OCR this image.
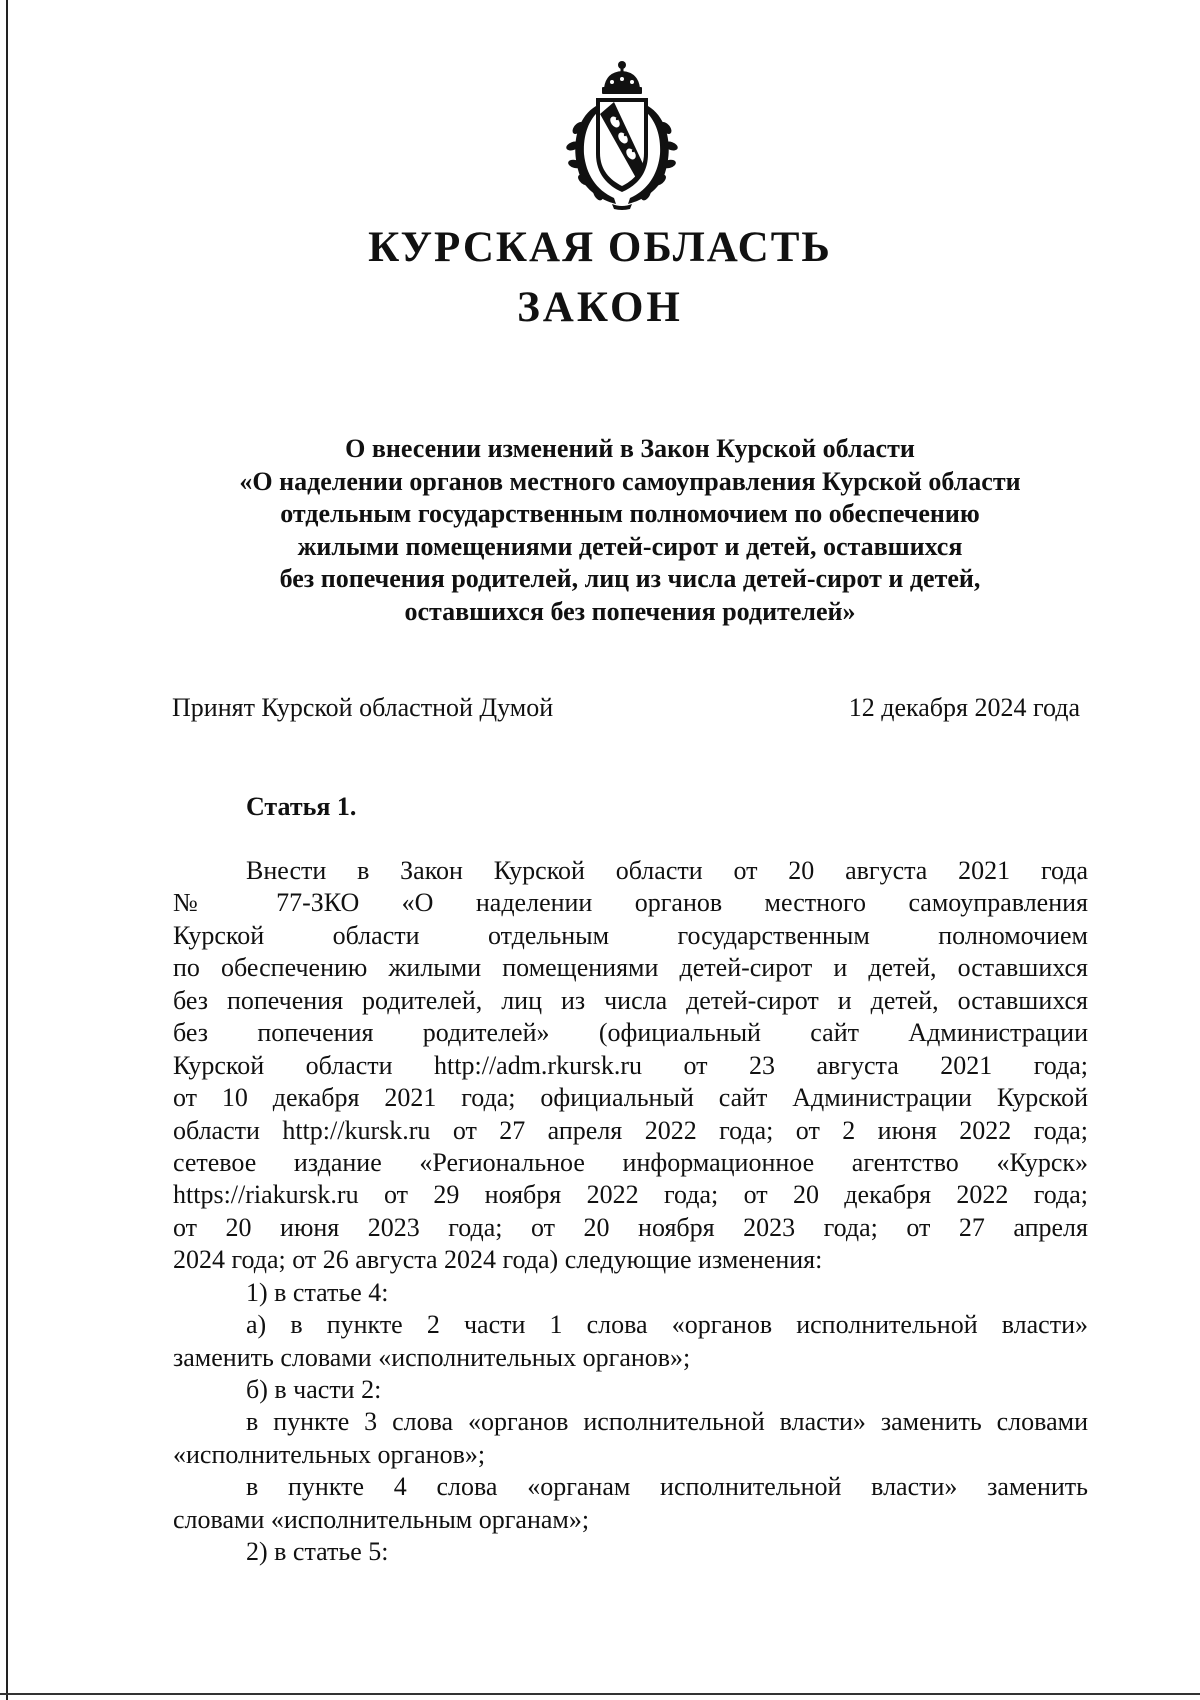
КУРСКАЯ ОБЛАСТЬ
ЗАКОН
О внесении изменений в Закон Курской области
«О наделении органов местного самоуправления Курской области
отдельным государственным полномочием по обеспечению
жилыми помещениями детей-сирот и детей, оставшихся
без попечения родителей, лиц из числа детей-сирот и детей,
оставшихся без попечения родителей»
Принят Курской областной Думой	12 декабря 2024 года
Статья 1.
Внести в Закон Курской области от 20 августа 2021 года
№ 77-ЗКО «О наделении органов местного самоуправления
Курской области отдельным государственным полномочием
по обеспечению жилыми помещениями детей-сирот и детей, оставшихся
без попечения родителей, лиц из числа детей-сирот и детей, оставшихся
без попечения родителей» (официальный сайт Администрации
Курской области http://adm.rkursk.ru от 23 августа 2021 года;
от 10 декабря 2021 года; официальный сайт Администрации Курской
области http://kursk.ru от 27 апреля 2022 года; от 2 июня 2022 года;
сетевое издание «Региональное информационное агентство «Курск»
https://riakursk.ru от 29 ноября 2022 года; от 20 декабря 2022 года;
от 20 июня 2023 года; от 20 ноября 2023 года; от 27 апреля
2024 года; от 26 августа 2024 года) следующие изменения:
1) в статье 4:
а) в пункте 2 части 1 слова «органов исполнительной власти»
заменить словами «исполнительных органов»;
б) в части 2:
в пункте 3 слова «органов исполнительной власти» заменить словами
«исполнительных органов»;
в пункте 4 слова «органам исполнительной власти» заменить
словами «исполнительным органам»;
2) в статье 5:
